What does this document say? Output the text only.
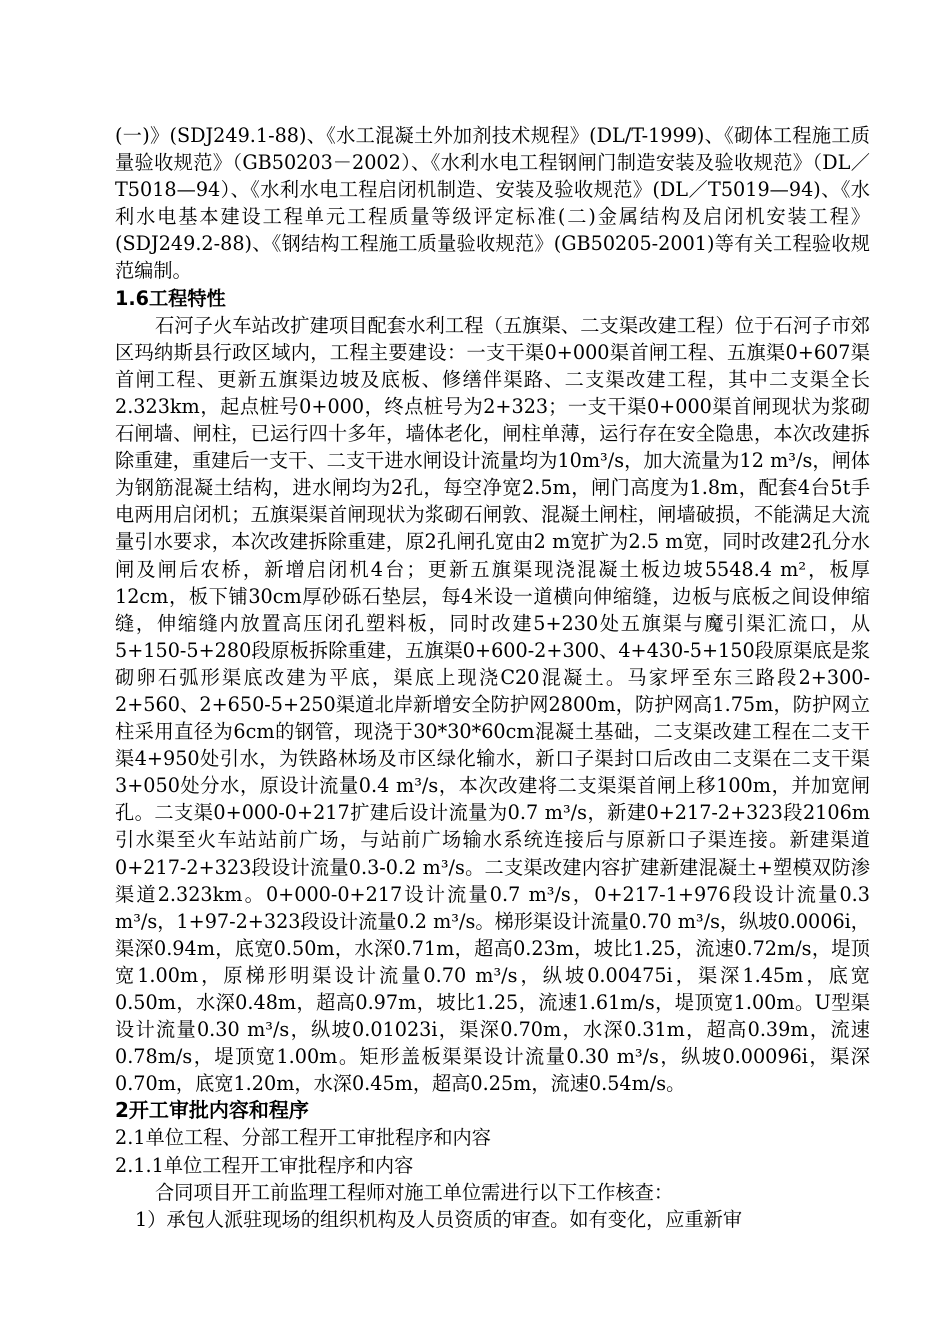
(一)》(SDJ249.1-88)、《水工混凝土外加剂技术规程》(DL/T-1999)、《砌体工程施工质量验收规范》（GB50203－2002）、《水利水电工程钢闸门制造安装及验收规范》（DL／T5018—94）、《水利水电工程启闭机制造、安装及验收规范》(DL／T5019—94)、《水利水电基本建设工程单元工程质量等级评定标准(二)金属结构及启闭机安装工程》(SDJ249.2-88)、《钢结构工程施工质量验收规范》(GB50205-2001)等有关工程验收规范编制。

1.6工程特性

石河子火车站改扩建项目配套水利工程（五旗渠、二支渠改建工程）位于石河子市郊区玛纳斯县行政区域内，工程主要建设：一支干渠0+000渠首闸工程、五旗渠0+607渠首闸工程、更新五旗渠边坡及底板、修缮伴渠路、二支渠改建工程，其中二支渠全长2.323km，起点桩号0+000，终点桩号为2+323；一支干渠0+000渠首闸现状为浆砌石闸墙、闸柱，已运行四十多年，墙体老化，闸柱单薄，运行存在安全隐患，本次改建拆除重建，重建后一支干、二支干进水闸设计流量均为10m³/s，加大流量为12 m³/s，闸体为钢筋混凝土结构，进水闸均为2孔，每空净宽2.5m，闸门高度为1.8m，配套4台5t手电两用启闭机；五旗渠渠首闸现状为浆砌石闸敦、混凝土闸柱，闸墙破损，不能满足大流量引水要求，本次改建拆除重建，原2孔闸孔宽由2 m宽扩为2.5 m宽，同时改建2孔分水闸及闸后农桥，新增启闭机4台；更新五旗渠现浇混凝土板边坡5548.4 m²，板厚12cm，板下铺30cm厚砂砾石垫层，每4米设一道横向伸缩缝，边板与底板之间设伸缩缝，伸缩缝内放置高压闭孔塑料板，同时改建5+230处五旗渠与魔引渠汇流口，从5+150-5+280段原板拆除重建，五旗渠0+600-2+300、4+430-5+150段原渠底是浆砌卵石弧形渠底改建为平底，渠底上现浇C20混凝土。马家坪至东三路段2+300-2+560、2+650-5+250渠道北岸新增安全防护网2800m，防护网高1.75m，防护网立柱采用直径为6cm的钢管，现浇于30*30*60cm混凝土基础，二支渠改建工程在二支干渠4+950处引水，为铁路林场及市区绿化输水，新口子渠封口后改由二支渠在二支干渠3+050处分水，原设计流量0.4 m³/s，本次改建将二支渠渠首闸上移100m，并加宽闸孔。二支渠0+000-0+217扩建后设计流量为0.7 m³/s，新建0+217-2+323段2106m引水渠至火车站站前广场，与站前广场输水系统连接后与原新口子渠连接。新建渠道0+217-2+323段设计流量0.3-0.2 m³/s。二支渠改建内容扩建新建混凝土+塑模双防渗渠道2.323km。0+000-0+217设计流量0.7 m³/s，0+217-1+976段设计流量0.3 m³/s，1+97-2+323段设计流量0.2 m³/s。梯形渠设计流量0.70 m³/s，纵坡0.0006i，渠深0.94m，底宽0.50m，水深0.71m，超高0.23m，坡比1.25，流速0.72m/s，堤顶宽1.00m，原梯形明渠设计流量0.70 m³/s，纵坡0.00475i，渠深1.45m，底宽0.50m，水深0.48m，超高0.97m，坡比1.25，流速1.61m/s，堤顶宽1.00m。U型渠设计流量0.30 m³/s，纵坡0.01023i，渠深0.70m，水深0.31m，超高0.39m，流速0.78m/s，堤顶宽1.00m。矩形盖板渠渠设计流量0.30 m³/s，纵坡0.00096i，渠深0.70m，底宽1.20m，水深0.45m，超高0.25m，流速0.54m/s。

2开工审批内容和程序
2.1单位工程、分部工程开工审批程序和内容
2.1.1单位工程开工审批程序和内容

合同项目开工前监理工程师对施工单位需进行以下工作核查：

1）承包人派驻现场的组织机构及人员资质的审查。如有变化，应重新审
